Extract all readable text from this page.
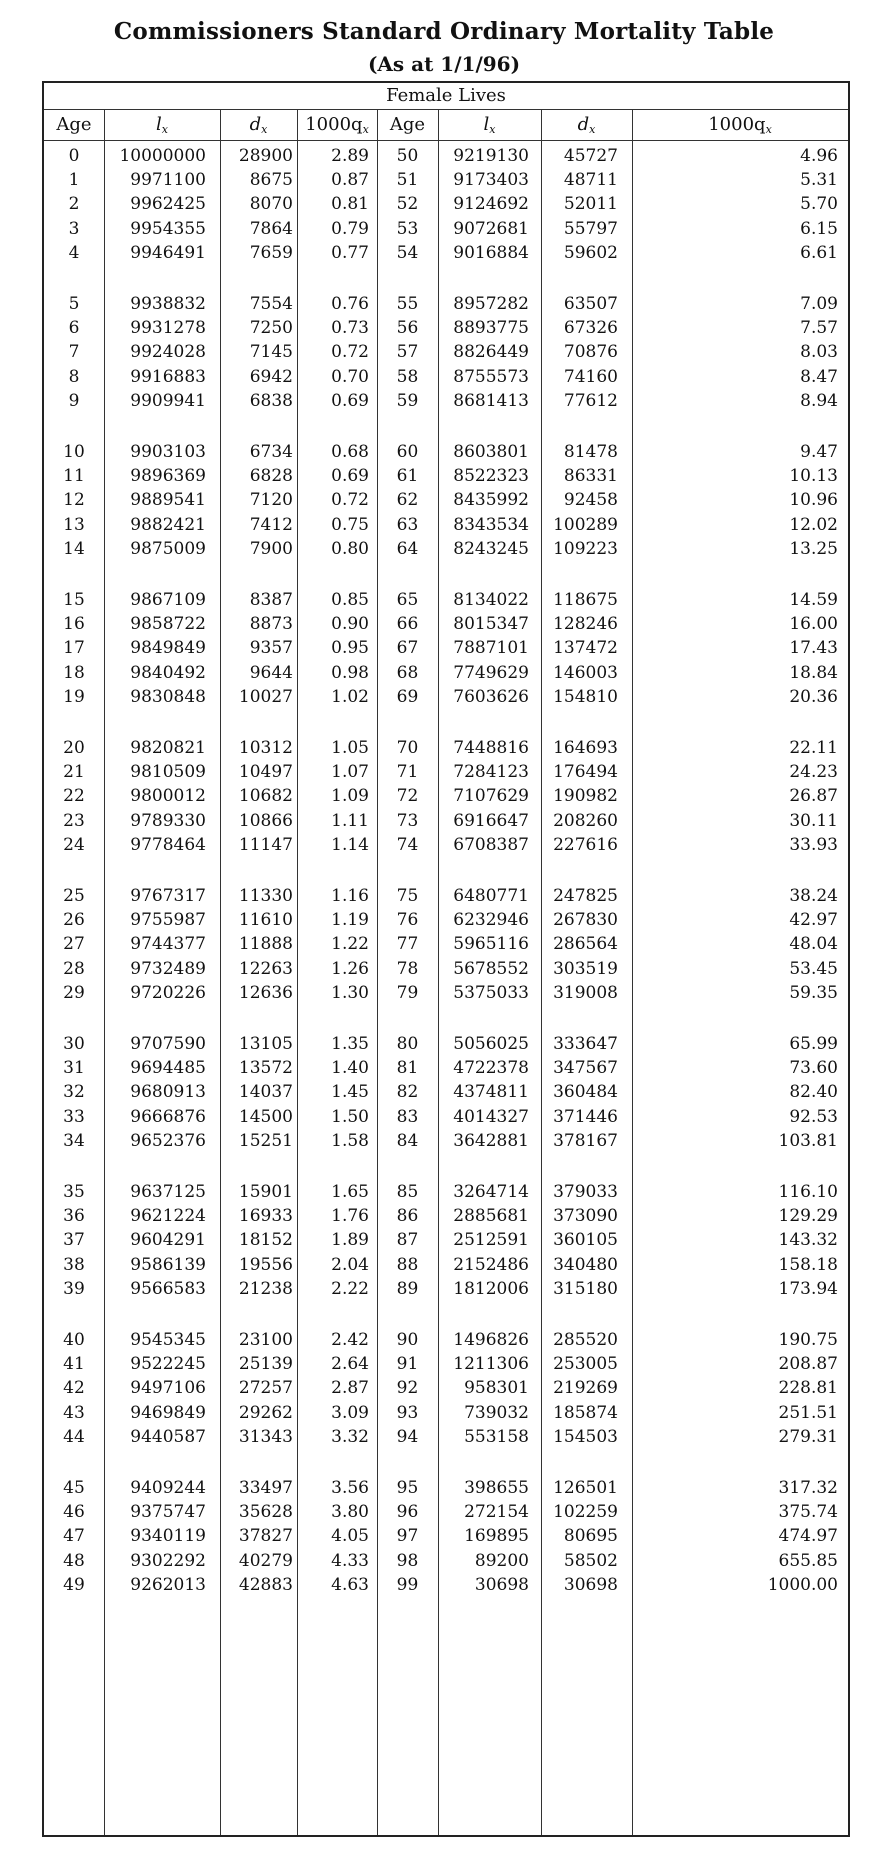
Commissioners Standard Ordinary Mortality Table
(As at 1/1/96)
Female Lives
Age	$l_x$	$d_x$	$1000q_x$	Age	$l_x$	$d_x$	$1000q_x$
0	10000000	28900	2.89	50	9219130	45727	4.96
1	9971100	8675	0.87	51	9173403	48711	5.31
2	9962425	8070	0.81	52	9124692	52011	5.70
3	9954355	7864	0.79	53	9072681	55797	6.15
4	9946491	7659	0.77	54	9016884	59602	6.61
5	9938832	7554	0.76	55	8957282	63507	7.09
6	9931278	7250	0.73	56	8893775	67326	7.57
7	9924028	7145	0.72	57	8826449	70876	8.03
8	9916883	6942	0.70	58	8755573	74160	8.47
9	9909941	6838	0.69	59	8681413	77612	8.94
10	9903103	6734	0.68	60	8603801	81478	9.47
11	9896369	6828	0.69	61	8522323	86331	10.13
12	9889541	7120	0.72	62	8435992	92458	10.96
13	9882421	7412	0.75	63	8343534	100289	12.02
14	9875009	7900	0.80	64	8243245	109223	13.25
15	9867109	8387	0.85	65	8134022	118675	14.59
16	9858722	8873	0.90	66	8015347	128246	16.00
17	9849849	9357	0.95	67	7887101	137472	17.43
18	9840492	9644	0.98	68	7749629	146003	18.84
19	9830848	10027	1.02	69	7603626	154810	20.36
20	9820821	10312	1.05	70	7448816	164693	22.11
21	9810509	10497	1.07	71	7284123	176494	24.23
22	9800012	10682	1.09	72	7107629	190982	26.87
23	9789330	10866	1.11	73	6916647	208260	30.11
24	9778464	11147	1.14	74	6708387	227616	33.93
25	9767317	11330	1.16	75	6480771	247825	38.24
26	9755987	11610	1.19	76	6232946	267830	42.97
27	9744377	11888	1.22	77	5965116	286564	48.04
28	9732489	12263	1.26	78	5678552	303519	53.45
29	9720226	12636	1.30	79	5375033	319008	59.35
30	9707590	13105	1.35	80	5056025	333647	65.99
31	9694485	13572	1.40	81	4722378	347567	73.60
32	9680913	14037	1.45	82	4374811	360484	82.40
33	9666876	14500	1.50	83	4014327	371446	92.53
34	9652376	15251	1.58	84	3642881	378167	103.81
35	9637125	15901	1.65	85	3264714	379033	116.10
36	9621224	16933	1.76	86	2885681	373090	129.29
37	9604291	18152	1.89	87	2512591	360105	143.32
38	9586139	19556	2.04	88	2152486	340480	158.18
39	9566583	21238	2.22	89	1812006	315180	173.94
40	9545345	23100	2.42	90	1496826	285520	190.75
41	9522245	25139	2.64	91	1211306	253005	208.87
42	9497106	27257	2.87	92	958301	219269	228.81
43	9469849	29262	3.09	93	739032	185874	251.51
44	9440587	31343	3.32	94	553158	154503	279.31
45	9409244	33497	3.56	95	398655	126501	317.32
46	9375747	35628	3.80	96	272154	102259	375.74
47	9340119	37827	4.05	97	169895	80695	474.97
48	9302292	40279	4.33	98	89200	58502	655.85
49	9262013	42883	4.63	99	30698	30698	1000.00
